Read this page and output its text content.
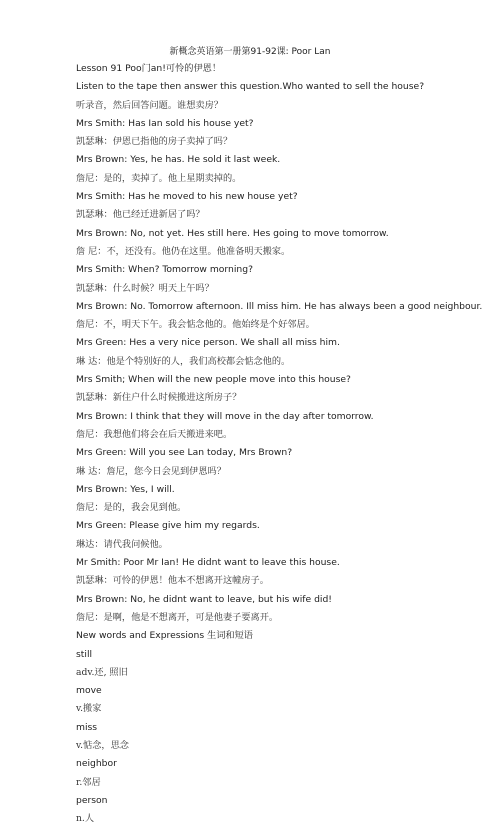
新概念英语第一册第91-92课: Poor Lan
Lesson 91 Poo门an!可怜的伊恩！
Listen to the tape then answer this question.Who wanted to sell the house?
听录音，然后回答问题。谁想卖房？
Mrs Smith: Has Ian sold his house yet?
凯瑟琳：伊恩已指他的房子卖掉了吗？
Mrs Brown: Yes, he has. He sold it last week.
詹尼：是的，卖掉了。他上星期卖掉的。
Mrs Smith: Has he moved to his new house yet?
凯瑟琳：他已经迁进新居了吗？
Mrs Brown: No, not yet. Hes still here. Hes going to move tomorrow.
詹 尼：不，还没有。他仍在这里。他准备明天搬家。
Mrs Smith: When? Tomorrow morning?
凯瑟琳：什么时候？明天上午吗？
Mrs Brown: No. Tomorrow afternoon. Ill miss him. He has always been a good neighbour.
詹尼：不，明天下午。我会惦念他的。他始终是个好邻居。
Mrs Green: Hes a very nice person. We shall all miss him.
琳 达：他是个特别好的人，我们高校都会惦念他的。
Mrs Smith; When will the new people move into this house?
凯瑟琳：新住户什么时候搬进这所房子？
Mrs Brown: I think that they will move in the day after tomorrow.
詹尼：我想他们将会在后天搬进来吧。
Mrs Green: Will you see Lan today, Mrs Brown?
琳 达：詹尼，您今日会见到伊恩吗？
Mrs Brown: Yes, I will.
詹尼：是的，我会见到他。
Mrs Green: Please give him my regards.
琳达：请代我问候他。
Mr Smith: Poor Mr Ian! He didnt want to leave this house.
凯瑟琳：可怜的伊恩！他本不想离开这幢房子。
Mrs Brown: No, he didnt want to leave, but his wife did!
詹尼：是啊，他是不想离开，可是他妻子要离开。
New words and Expressions 生词和短语
still
adv.还, 照旧
move
v.搬家
miss
v.惦念，思念
neighbor
r.邻居
person
n.人
